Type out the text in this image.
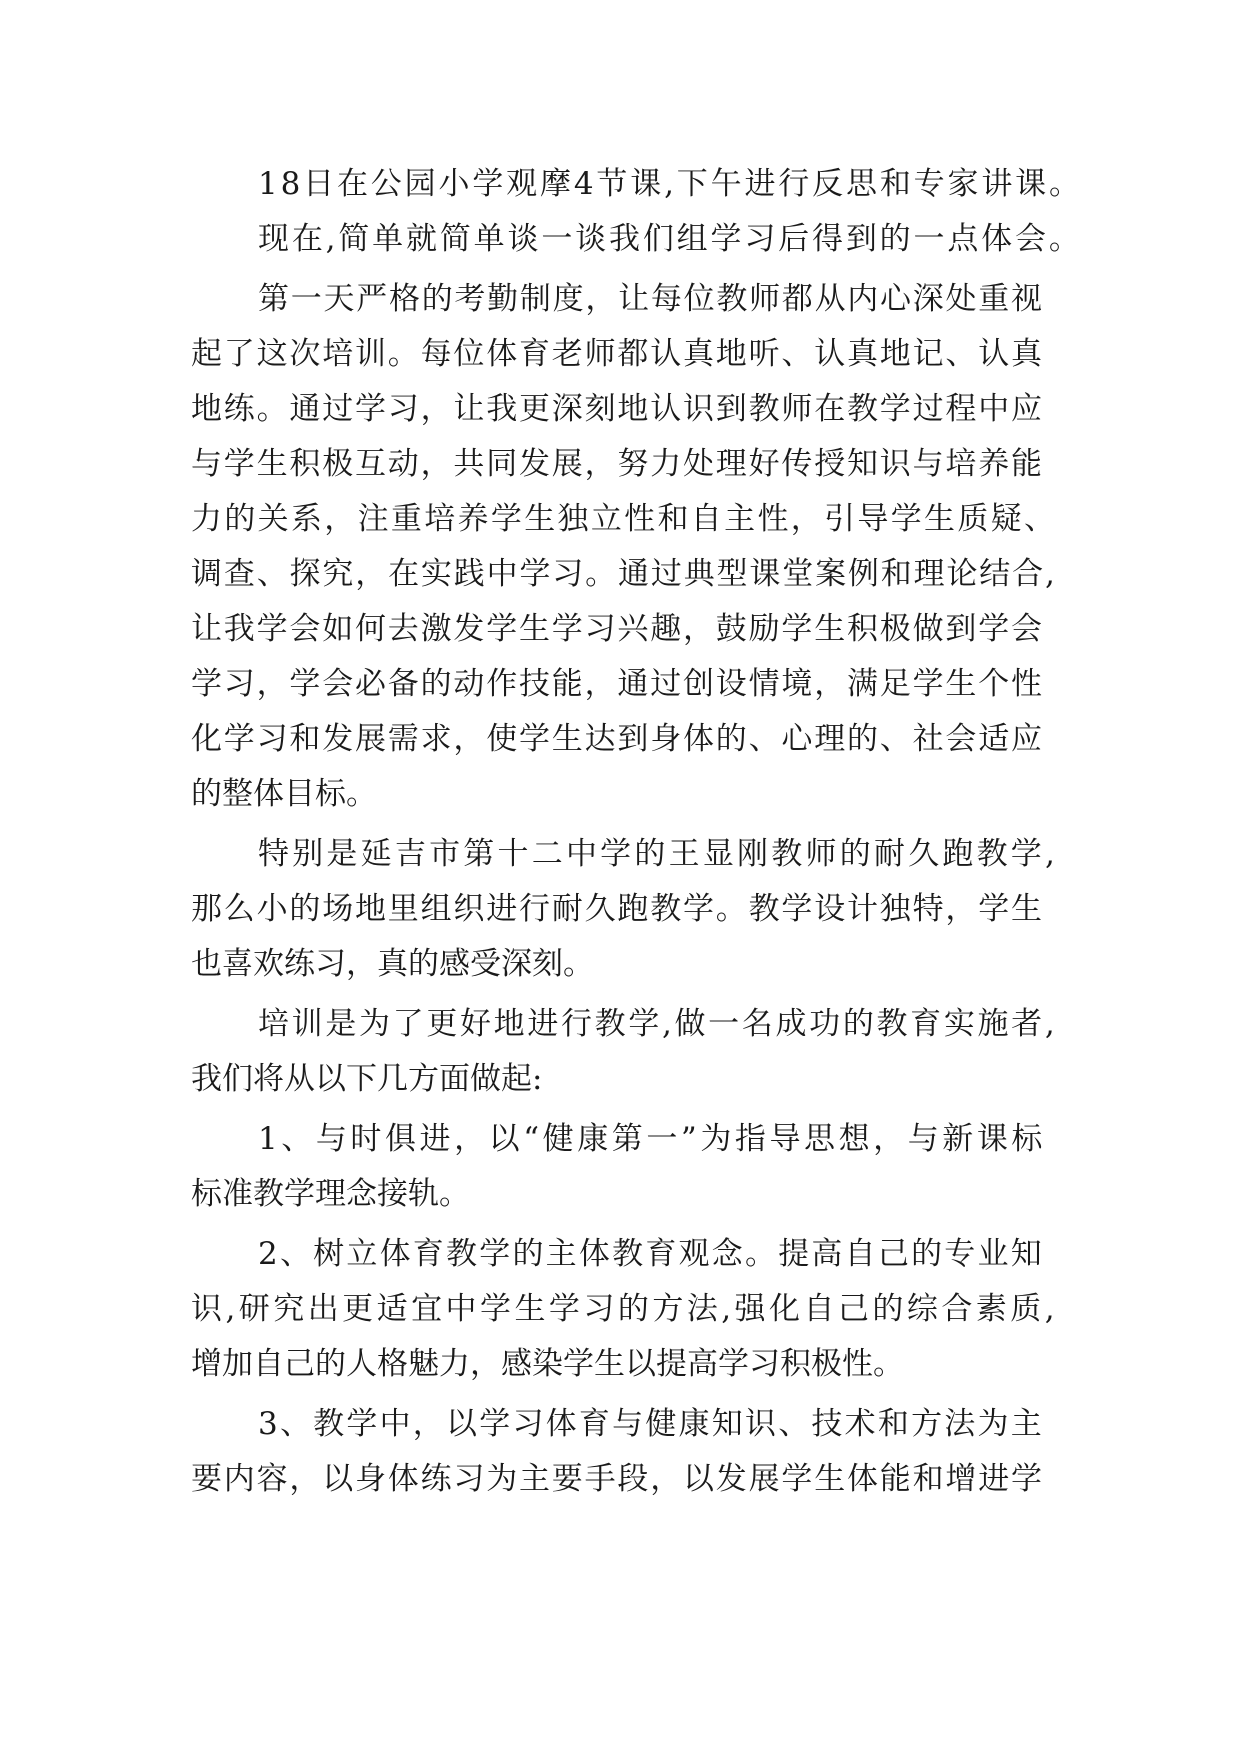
18日在公园小学观摩4节课,下午进行反思和专家讲课。
现在,简单就简单谈一谈我们组学习后得到的一点体会。
第一天严格的考勤制度，让每位教师都从内心深处重视
起了这次培训。每位体育老师都认真地听、认真地记、认真
地练。通过学习，让我更深刻地认识到教师在教学过程中应
与学生积极互动，共同发展，努力处理好传授知识与培养能
力的关系，注重培养学生独立性和自主性，引导学生质疑、
调查、探究，在实践中学习。通过典型课堂案例和理论结合,
让我学会如何去激发学生学习兴趣，鼓励学生积极做到学会
学习，学会必备的动作技能，通过创设情境，满足学生个性
化学习和发展需求，使学生达到身体的、心理的、社会适应
的整体目标。
特别是延吉市第十二中学的王显刚教师的耐久跑教学,
那么小的场地里组织进行耐久跑教学。教学设计独特，学生
也喜欢练习，真的感受深刻。
培训是为了更好地进行教学,做一名成功的教育实施者,
我们将从以下几方面做起:
1、与时俱进，以“健康第一”为指导思想，与新课标
标准教学理念接轨。
2、树立体育教学的主体教育观念。提高自己的专业知
识,研究出更适宜中学生学习的方法,强化自己的综合素质,
增加自己的人格魅力，感染学生以提高学习积极性。
3、教学中，以学习体育与健康知识、技术和方法为主
要内容，以身体练习为主要手段，以发展学生体能和增进学
